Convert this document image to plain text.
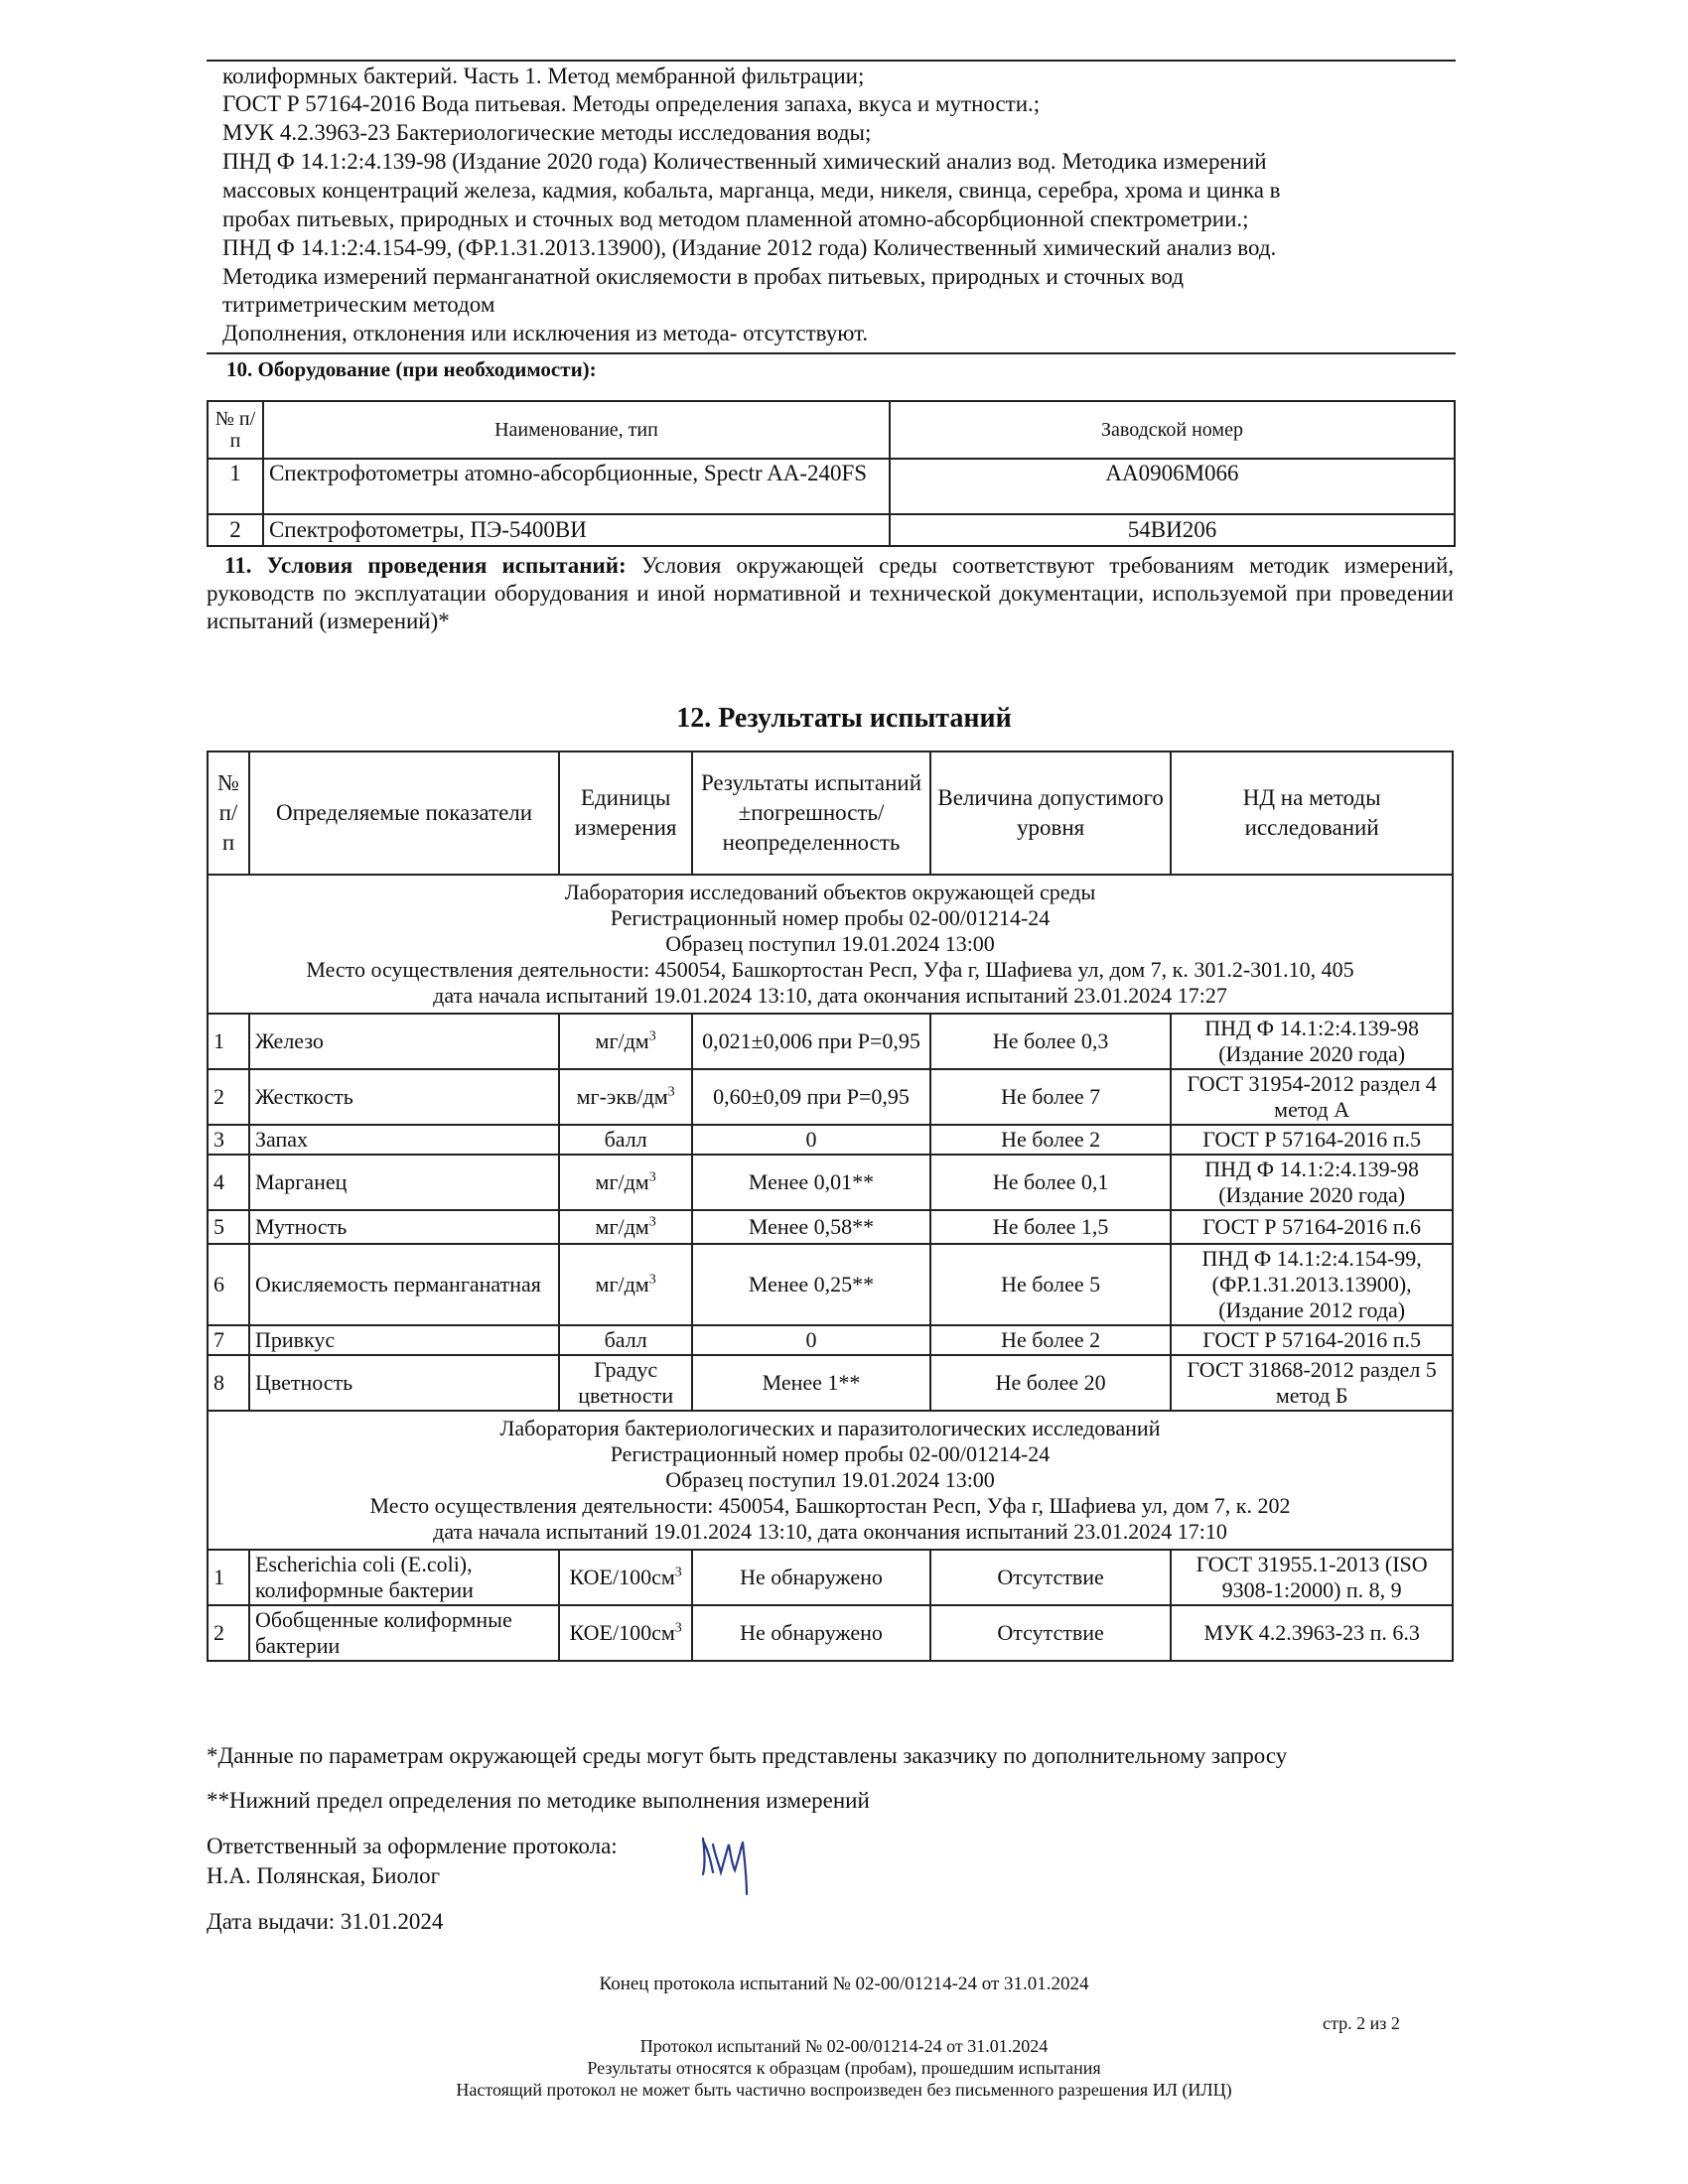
колиформных бактерий. Часть 1. Метод мембранной фильтрации;
ГОСТ Р 57164-2016 Вода питьевая. Методы определения запаха, вкуса и мутности.;
МУК 4.2.3963-23 Бактериологические методы исследования воды;
ПНД Ф 14.1:2:4.139-98 (Издание 2020 года) Количественный химический анализ вод. Методика измерений
массовых концентраций железа, кадмия, кобальта, марганца, меди, никеля, свинца, серебра, хрома и цинка в
пробах питьевых, природных и сточных вод методом пламенной атомно-абсорбционной спектрометрии.;
ПНД Ф 14.1:2:4.154-99, (ФР.1.31.2013.13900), (Издание 2012 года) Количественный химический анализ вод.
Методика измерений перманганатной окисляемости в пробах питьевых, природных и сточных вод
титриметрическим методом
Дополнения, отклонения или исключения из метода- отсутствуют.
10. Оборудование (при необходимости):
№ п/п	Наименование, тип	Заводской номер
1	Спектрофотометры атомно-абсорбционные, Spectr AA-240FS	AA0906M066
2	Спектрофотометры, ПЭ-5400ВИ	54ВИ206
11. Условия проведения испытаний: Условия окружающей среды соответствуют требованиям методик измерений, руководств по эксплуатации оборудования и иной нормативной и технической документации, используемой при проведении испытаний (измерений)*
12. Результаты испытаний
№ п/п	Определяемые показатели	Единицы измерения	Результаты испытаний ±погрешность/ неопределенность	Величина допустимого уровня	НД на методы исследований

Лаборатория исследований объектов окружающей среды
Регистрационный номер пробы 02-00/01214-24
Образец поступил 19.01.2024 13:00
Место осуществления деятельности: 450054, Башкортостан Респ, Уфа г, Шафиева ул, дом 7, к. 301.2-301.10, 405
дата начала испытаний 19.01.2024 13:10, дата окончания испытаний 23.01.2024 17:27					

1	Железо	$мг/дм^3$	0,021±0,006 при P=0,95	Не более 0,3	ПНД Ф 14.1:2:4.139-98 (Издание 2020 года)
2	Жесткость	$мг-экв/дм^3$	0,60±0,09 при P=0,95	Не более 7	ГОСТ 31954-2012 раздел 4 метод А
3	Запах	балл	0	Не более 2	ГОСТ Р 57164-2016 п.5
4	Марганец	$мг/дм^3$	Менее 0,01**	Не более 0,1	ПНД Ф 14.1:2:4.139-98 (Издание 2020 года)
5	Мутность	$мг/дм^3$	Менее 0,58**	Не более 1,5	ГОСТ Р 57164-2016 п.6
6	Окисляемость перманганатная	$мг/дм^3$	Менее 0,25**	Не более 5	ПНД Ф 14.1:2:4.154-99, (ФР.1.31.2013.13900), (Издание 2012 года)
7	Привкус	балл	0	Не более 2	ГОСТ Р 57164-2016 п.5
8	Цветность	Градус цветности	Менее 1**	Не более 20	ГОСТ 31868-2012 раздел 5 метод Б

Лаборатория бактериологических и паразитологических исследований
Регистрационный номер пробы 02-00/01214-24
Образец поступил 19.01.2024 13:00
Место осуществления деятельности: 450054, Башкортостан Респ, Уфа г, Шафиева ул, дом 7, к. 202
дата начала испытаний 19.01.2024 13:10, дата окончания испытаний 23.01.2024 17:10					

1	Escherichia coli (E.coli), колиформные бактерии	КОЕ/$100см^3$	Не обнаружено	Отсутствие	ГОСТ 31955.1-2013 (ISO 9308-1:2000) п. 8, 9
2	Обобщенные колиформные бактерии	КОЕ/$100см^3$	Не обнаружено	Отсутствие	МУК 4.2.3963-23 п. 6.3
*Данные по параметрам окружающей среды могут быть представлены заказчику по дополнительному запросу
**Нижний предел определения по методике выполнения измерений
Ответственный за оформление протокола:
Н.А. Полянская, Биолог
Дата выдачи: 31.01.2024
Конец протокола испытаний № 02-00/01214-24 от 31.01.2024
стр. 2 из 2
Протокол испытаний № 02-00/01214-24 от 31.01.2024
Результаты относятся к образцам (пробам), прошедшим испытания
Настоящий протокол не может быть частично воспроизведен без письменного разрешения ИЛ (ИЛЦ)
